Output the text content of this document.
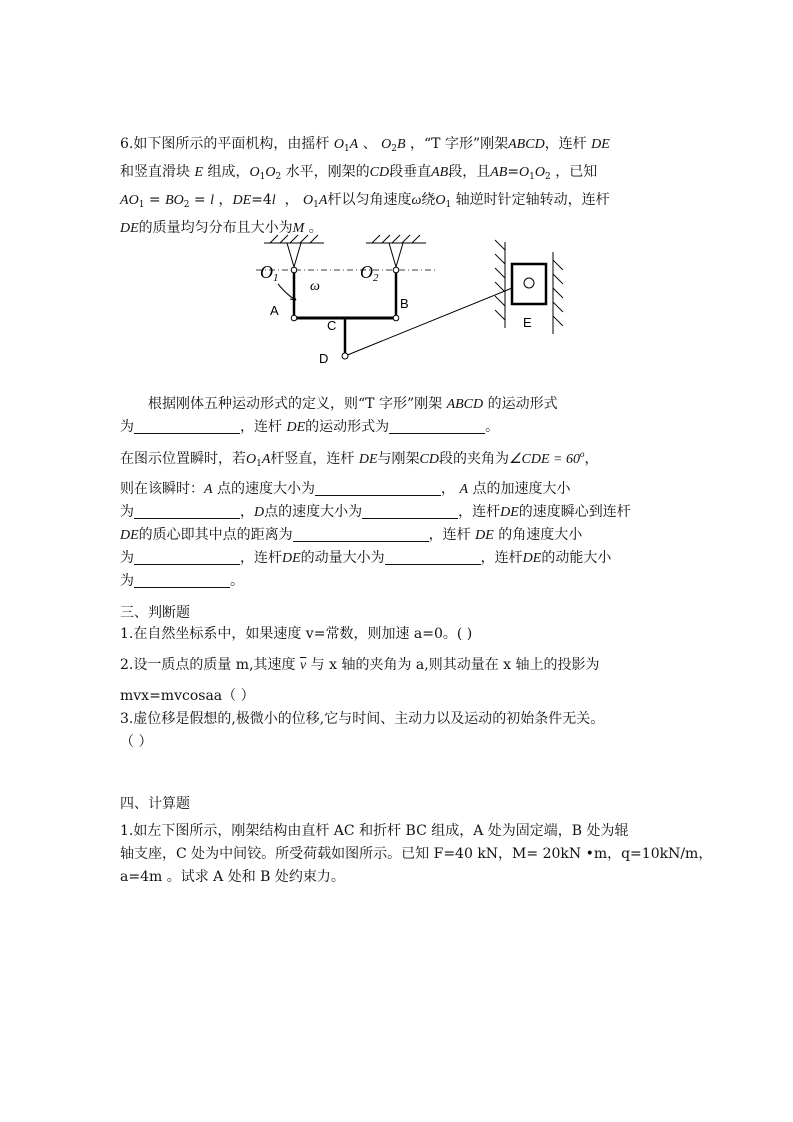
6.如下图所示的平面机构，由摇杆 $O_1A$ 、 $O_2B$ ，“T 字形”刚架ABCD，连杆 DE
和竖直滑块 E 组成，$O_1O_2$ 水平，刚架的CD段垂直AB段，且$AB=O_1O_2$ ，已知
$AO_1 = BO_2 = l$ ，DE=4l ， $O_1A$杆以匀角速度ω绕$O_1$ 轴逆时针定轴转动，连杆
DE的质量均匀分布且大小为M 。
O1	O2
ω
A	B
C
D
E
  根据刚体五种运动形式的定义，则“T 字形”刚架 ABCD 的运动形式
为	，连杆 DE的运动形式为	。
在图示位置瞬时，若$O_1A$杆竖直，连杆 DE与刚架CD段的夹角为∠CDE = $60^o$，
则在该瞬时：A 点的速度大小为	， A 点的加速度大小
为	，D点的速度大小为	，连杆DE的速度瞬心到连杆
DE的质心即其中点的距离为	，连杆 DE 的角速度大小
为	，连杆DE的动量大小为	，连杆DE的动能大小
为	。
三、判断题
1.在自然坐标系中，如果速度 v=常数，则加速 a=0。( )
2.设一质点的质量 m,其速度 $\overline{v}$ 与 x 轴的夹角为 a,则其动量在 x 轴上的投影为
mvx=mvcosaa（ ）
3.虚位移是假想的,极微小的位移,它与时间、主动力以及运动的初始条件无关。
（ ）
四、计算题
1.如左下图所示，刚架结构由直杆 AC 和折杆 BC 组成，A 处为固定端，B 处为辊
轴支座，C 处为中间铰。所受荷载如图所示。已知 F=40 kN，M= 20kN •m，q=10kN/m，
a=4m 。试求 A 处和 B 处约束力。
